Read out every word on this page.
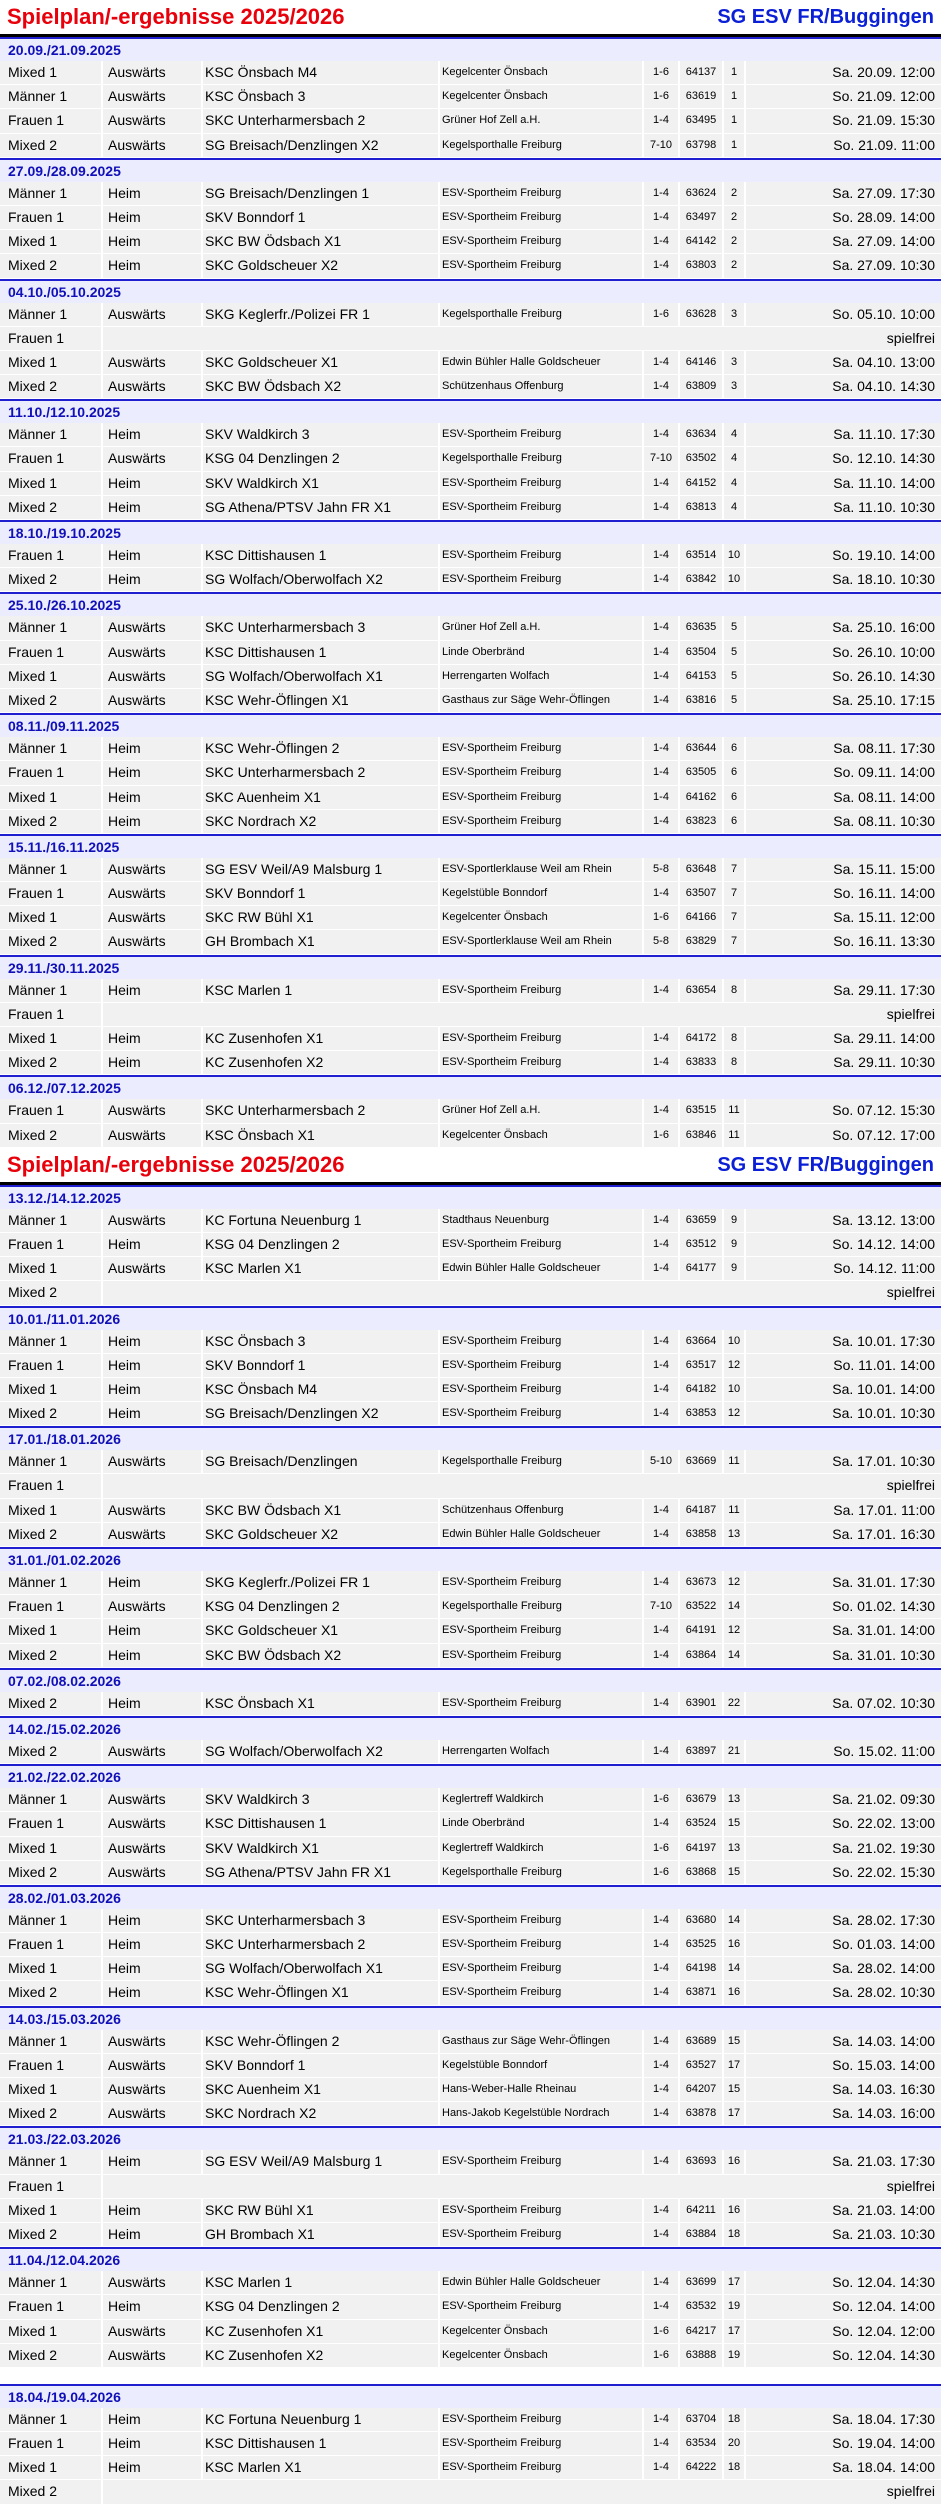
Spielplan/-ergebnisse 2025/2026	SG ESV FR/Buggingen
20.09./21.09.2025
Mixed 1	Auswärts	KSC Önsbach M4	Kegelcenter Önsbach	1-6	64137	1	Sa. 20.09. 12:00
Männer 1	Auswärts	KSC Önsbach 3	Kegelcenter Önsbach	1-6	63619	1	So. 21.09. 12:00
Frauen 1	Auswärts	SKC Unterharmersbach 2	Grüner Hof Zell a.H.	1-4	63495	1	So. 21.09. 15:30
Mixed 2	Auswärts	SG Breisach/Denzlingen X2	Kegelsporthalle Freiburg	7-10	63798	1	So. 21.09. 11:00
27.09./28.09.2025
Männer 1	Heim	SG Breisach/Denzlingen 1	ESV-Sportheim Freiburg	1-4	63624	2	Sa. 27.09. 17:30
Frauen 1	Heim	SKV Bonndorf 1	ESV-Sportheim Freiburg	1-4	63497	2	So. 28.09. 14:00
Mixed 1	Heim	SKC BW Ödsbach X1	ESV-Sportheim Freiburg	1-4	64142	2	Sa. 27.09. 14:00
Mixed 2	Heim	SKC Goldscheuer X2	ESV-Sportheim Freiburg	1-4	63803	2	Sa. 27.09. 10:30
04.10./05.10.2025
Männer 1	Auswärts	SKG Keglerfr./Polizei FR 1	Kegelsporthalle Freiburg	1-6	63628	3	So. 05.10. 10:00
Frauen 1	spielfrei
Mixed 1	Auswärts	SKC Goldscheuer X1	Edwin Bühler Halle Goldscheuer	1-4	64146	3	Sa. 04.10. 13:00
Mixed 2	Auswärts	SKC BW Ödsbach X2	Schützenhaus Offenburg	1-4	63809	3	Sa. 04.10. 14:30
11.10./12.10.2025
Männer 1	Heim	SKV Waldkirch 3	ESV-Sportheim Freiburg	1-4	63634	4	Sa. 11.10. 17:30
Frauen 1	Auswärts	KSG 04 Denzlingen 2	Kegelsporthalle Freiburg	7-10	63502	4	So. 12.10. 14:30
Mixed 1	Heim	SKV Waldkirch X1	ESV-Sportheim Freiburg	1-4	64152	4	Sa. 11.10. 14:00
Mixed 2	Heim	SG Athena/PTSV Jahn FR X1	ESV-Sportheim Freiburg	1-4	63813	4	Sa. 11.10. 10:30
18.10./19.10.2025
Frauen 1	Heim	KSC Dittishausen 1	ESV-Sportheim Freiburg	1-4	63514	10	So. 19.10. 14:00
Mixed 2	Heim	SG Wolfach/Oberwolfach X2	ESV-Sportheim Freiburg	1-4	63842	10	Sa. 18.10. 10:30
25.10./26.10.2025
Männer 1	Auswärts	SKC Unterharmersbach 3	Grüner Hof Zell a.H.	1-4	63635	5	Sa. 25.10. 16:00
Frauen 1	Auswärts	KSC Dittishausen 1	Linde Oberbränd	1-4	63504	5	So. 26.10. 10:00
Mixed 1	Auswärts	SG Wolfach/Oberwolfach X1	Herrengarten Wolfach	1-4	64153	5	So. 26.10. 14:30
Mixed 2	Auswärts	KSC Wehr-Öflingen X1	Gasthaus zur Säge Wehr-Öflingen	1-4	63816	5	Sa. 25.10. 17:15
08.11./09.11.2025
Männer 1	Heim	KSC Wehr-Öflingen 2	ESV-Sportheim Freiburg	1-4	63644	6	Sa. 08.11. 17:30
Frauen 1	Heim	SKC Unterharmersbach 2	ESV-Sportheim Freiburg	1-4	63505	6	So. 09.11. 14:00
Mixed 1	Heim	SKC Auenheim X1	ESV-Sportheim Freiburg	1-4	64162	6	Sa. 08.11. 14:00
Mixed 2	Heim	SKC Nordrach X2	ESV-Sportheim Freiburg	1-4	63823	6	Sa. 08.11. 10:30
15.11./16.11.2025
Männer 1	Auswärts	SG ESV Weil/A9 Malsburg 1	ESV-Sportlerklause Weil am Rhein	5-8	63648	7	Sa. 15.11. 15:00
Frauen 1	Auswärts	SKV Bonndorf 1	Kegelstüble Bonndorf	1-4	63507	7	So. 16.11. 14:00
Mixed 1	Auswärts	SKC RW Bühl X1	Kegelcenter Önsbach	1-6	64166	7	Sa. 15.11. 12:00
Mixed 2	Auswärts	GH Brombach X1	ESV-Sportlerklause Weil am Rhein	5-8	63829	7	So. 16.11. 13:30
29.11./30.11.2025
Männer 1	Heim	KSC Marlen 1	ESV-Sportheim Freiburg	1-4	63654	8	Sa. 29.11. 17:30
Frauen 1	spielfrei
Mixed 1	Heim	KC Zusenhofen X1	ESV-Sportheim Freiburg	1-4	64172	8	Sa. 29.11. 14:00
Mixed 2	Heim	KC Zusenhofen X2	ESV-Sportheim Freiburg	1-4	63833	8	Sa. 29.11. 10:30
06.12./07.12.2025
Frauen 1	Auswärts	SKC Unterharmersbach 2	Grüner Hof Zell a.H.	1-4	63515	11	So. 07.12. 15:30
Mixed 2	Auswärts	KSC Önsbach X1	Kegelcenter Önsbach	1-6	63846	11	So. 07.12. 17:00
Spielplan/-ergebnisse 2025/2026	SG ESV FR/Buggingen
13.12./14.12.2025
Männer 1	Auswärts	KC Fortuna Neuenburg 1	Stadthaus Neuenburg	1-4	63659	9	Sa. 13.12. 13:00
Frauen 1	Heim	KSG 04 Denzlingen 2	ESV-Sportheim Freiburg	1-4	63512	9	So. 14.12. 14:00
Mixed 1	Auswärts	KSC Marlen X1	Edwin Bühler Halle Goldscheuer	1-4	64177	9	So. 14.12. 11:00
Mixed 2	spielfrei
10.01./11.01.2026
Männer 1	Heim	KSC Önsbach 3	ESV-Sportheim Freiburg	1-4	63664	10	Sa. 10.01. 17:30
Frauen 1	Heim	SKV Bonndorf 1	ESV-Sportheim Freiburg	1-4	63517	12	So. 11.01. 14:00
Mixed 1	Heim	KSC Önsbach M4	ESV-Sportheim Freiburg	1-4	64182	10	Sa. 10.01. 14:00
Mixed 2	Heim	SG Breisach/Denzlingen X2	ESV-Sportheim Freiburg	1-4	63853	12	Sa. 10.01. 10:30
17.01./18.01.2026
Männer 1	Auswärts	SG Breisach/Denzlingen	Kegelsporthalle Freiburg	5-10	63669	11	Sa. 17.01. 10:30
Frauen 1	spielfrei
Mixed 1	Auswärts	SKC BW Ödsbach X1	Schützenhaus Offenburg	1-4	64187	11	Sa. 17.01. 11:00
Mixed 2	Auswärts	SKC Goldscheuer X2	Edwin Bühler Halle Goldscheuer	1-4	63858	13	Sa. 17.01. 16:30
31.01./01.02.2026
Männer 1	Heim	SKG Keglerfr./Polizei FR 1	ESV-Sportheim Freiburg	1-4	63673	12	Sa. 31.01. 17:30
Frauen 1	Auswärts	KSG 04 Denzlingen 2	Kegelsporthalle Freiburg	7-10	63522	14	So. 01.02. 14:30
Mixed 1	Heim	SKC Goldscheuer X1	ESV-Sportheim Freiburg	1-4	64191	12	Sa. 31.01. 14:00
Mixed 2	Heim	SKC BW Ödsbach X2	ESV-Sportheim Freiburg	1-4	63864	14	Sa. 31.01. 10:30
07.02./08.02.2026
Mixed 2	Heim	KSC Önsbach X1	ESV-Sportheim Freiburg	1-4	63901	22	Sa. 07.02. 10:30
14.02./15.02.2026
Mixed 2	Auswärts	SG Wolfach/Oberwolfach X2	Herrengarten Wolfach	1-4	63897	21	So. 15.02. 11:00
21.02./22.02.2026
Männer 1	Auswärts	SKV Waldkirch 3	Keglertreff Waldkirch	1-6	63679	13	Sa. 21.02. 09:30
Frauen 1	Auswärts	KSC Dittishausen 1	Linde Oberbränd	1-4	63524	15	So. 22.02. 13:00
Mixed 1	Auswärts	SKV Waldkirch X1	Keglertreff Waldkirch	1-6	64197	13	Sa. 21.02. 19:30
Mixed 2	Auswärts	SG Athena/PTSV Jahn FR X1	Kegelsporthalle Freiburg	1-6	63868	15	So. 22.02. 15:30
28.02./01.03.2026
Männer 1	Heim	SKC Unterharmersbach 3	ESV-Sportheim Freiburg	1-4	63680	14	Sa. 28.02. 17:30
Frauen 1	Heim	SKC Unterharmersbach 2	ESV-Sportheim Freiburg	1-4	63525	16	So. 01.03. 14:00
Mixed 1	Heim	SG Wolfach/Oberwolfach X1	ESV-Sportheim Freiburg	1-4	64198	14	Sa. 28.02. 14:00
Mixed 2	Heim	KSC Wehr-Öflingen X1	ESV-Sportheim Freiburg	1-4	63871	16	Sa. 28.02. 10:30
14.03./15.03.2026
Männer 1	Auswärts	KSC Wehr-Öflingen 2	Gasthaus zur Säge Wehr-Öflingen	1-4	63689	15	Sa. 14.03. 14:00
Frauen 1	Auswärts	SKV Bonndorf 1	Kegelstüble Bonndorf	1-4	63527	17	So. 15.03. 14:00
Mixed 1	Auswärts	SKC Auenheim X1	Hans-Weber-Halle Rheinau	1-4	64207	15	Sa. 14.03. 16:30
Mixed 2	Auswärts	SKC Nordrach X2	Hans-Jakob Kegelstüble Nordrach	1-4	63878	17	Sa. 14.03. 16:00
21.03./22.03.2026
Männer 1	Heim	SG ESV Weil/A9 Malsburg 1	ESV-Sportheim Freiburg	1-4	63693	16	Sa. 21.03. 17:30
Frauen 1	spielfrei
Mixed 1	Heim	SKC RW Bühl X1	ESV-Sportheim Freiburg	1-4	64211	16	Sa. 21.03. 14:00
Mixed 2	Heim	GH Brombach X1	ESV-Sportheim Freiburg	1-4	63884	18	Sa. 21.03. 10:30
11.04./12.04.2026
Männer 1	Auswärts	KSC Marlen 1	Edwin Bühler Halle Goldscheuer	1-4	63699	17	So. 12.04. 14:30
Frauen 1	Heim	KSG 04 Denzlingen 2	ESV-Sportheim Freiburg	1-4	63532	19	So. 12.04. 14:00
Mixed 1	Auswärts	KC Zusenhofen X1	Kegelcenter Önsbach	1-6	64217	17	So. 12.04. 12:00
Mixed 2	Auswärts	KC Zusenhofen X2	Kegelcenter Önsbach	1-6	63888	19	So. 12.04. 14:30
18.04./19.04.2026
Männer 1	Heim	KC Fortuna Neuenburg 1	ESV-Sportheim Freiburg	1-4	63704	18	Sa. 18.04. 17:30
Frauen 1	Heim	KSC Dittishausen 1	ESV-Sportheim Freiburg	1-4	63534	20	So. 19.04. 14:00
Mixed 1	Heim	KSC Marlen X1	ESV-Sportheim Freiburg	1-4	64222	18	Sa. 18.04. 14:00
Mixed 2	spielfrei
